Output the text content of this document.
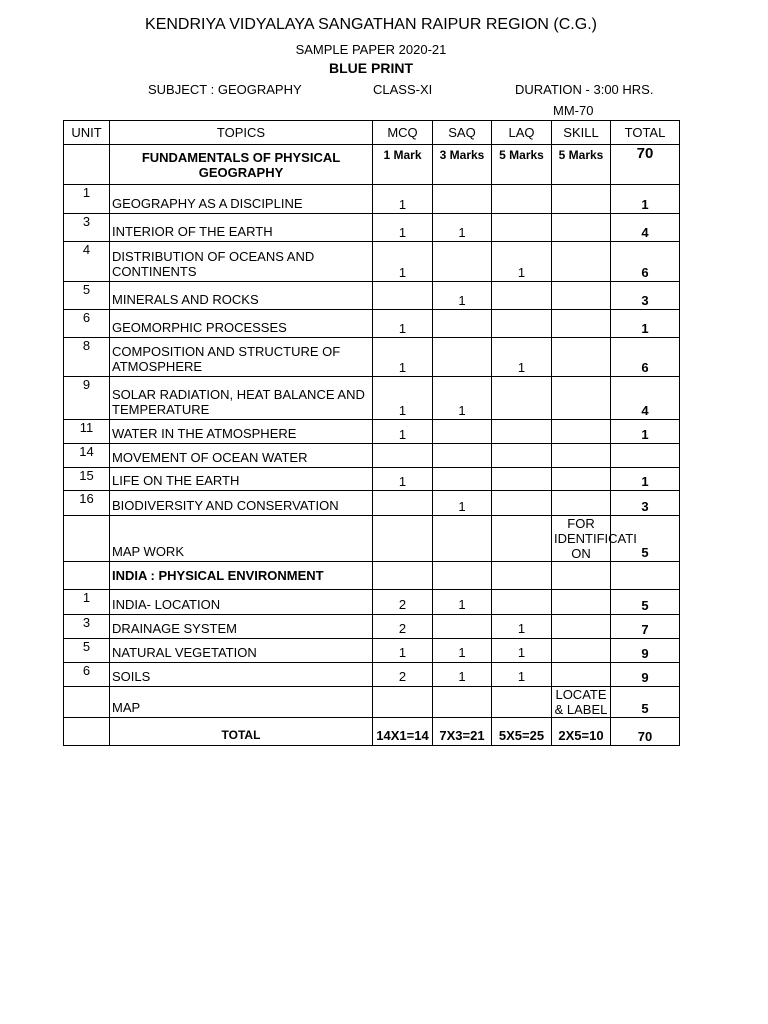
KENDRIYA VIDYALAYA SANGATHAN RAIPUR REGION (C.G.)
SAMPLE PAPER 2020-21
BLUE PRINT
SUBJECT : GEOGRAPHY	CLASS-XI	DURATION - 3:00 HRS.
MM-70
UNIT	TOPICS	MCQ	SAQ	LAQ	SKILL	TOTAL
	FUNDAMENTALS OF PHYSICAL GEOGRAPHY	1 Mark	3 Marks	5 Marks	5 Marks	70
1	GEOGRAPHY AS A DISCIPLINE	1				1
3	INTERIOR OF THE EARTH	1	1			4
4	DISTRIBUTION OF OCEANS AND CONTINENTS	1		1		6
5	MINERALS AND ROCKS		1			3
6	GEOMORPHIC PROCESSES	1				1
8	COMPOSITION AND STRUCTURE OF ATMOSPHERE	1		1		6
9	SOLAR RADIATION, HEAT BALANCE AND TEMPERATURE	1	1			4
11	WATER IN THE ATMOSPHERE	1				1
14	MOVEMENT OF OCEAN WATER					
15	LIFE ON THE EARTH	1				1
16	BIODIVERSITY AND CONSERVATION		1			3
	MAP WORK				FOR IDENTIFICATI ON	5
	INDIA : PHYSICAL ENVIRONMENT					
1	INDIA- LOCATION	2	1			5
3	DRAINAGE SYSTEM	2		1		7
5	NATURAL VEGETATION	1	1	1		9
6	SOILS	2	1	1		9
	MAP				LOCATE & LABEL	5
	TOTAL	14X1=14	7X3=21	5X5=25	2X5=10	70
